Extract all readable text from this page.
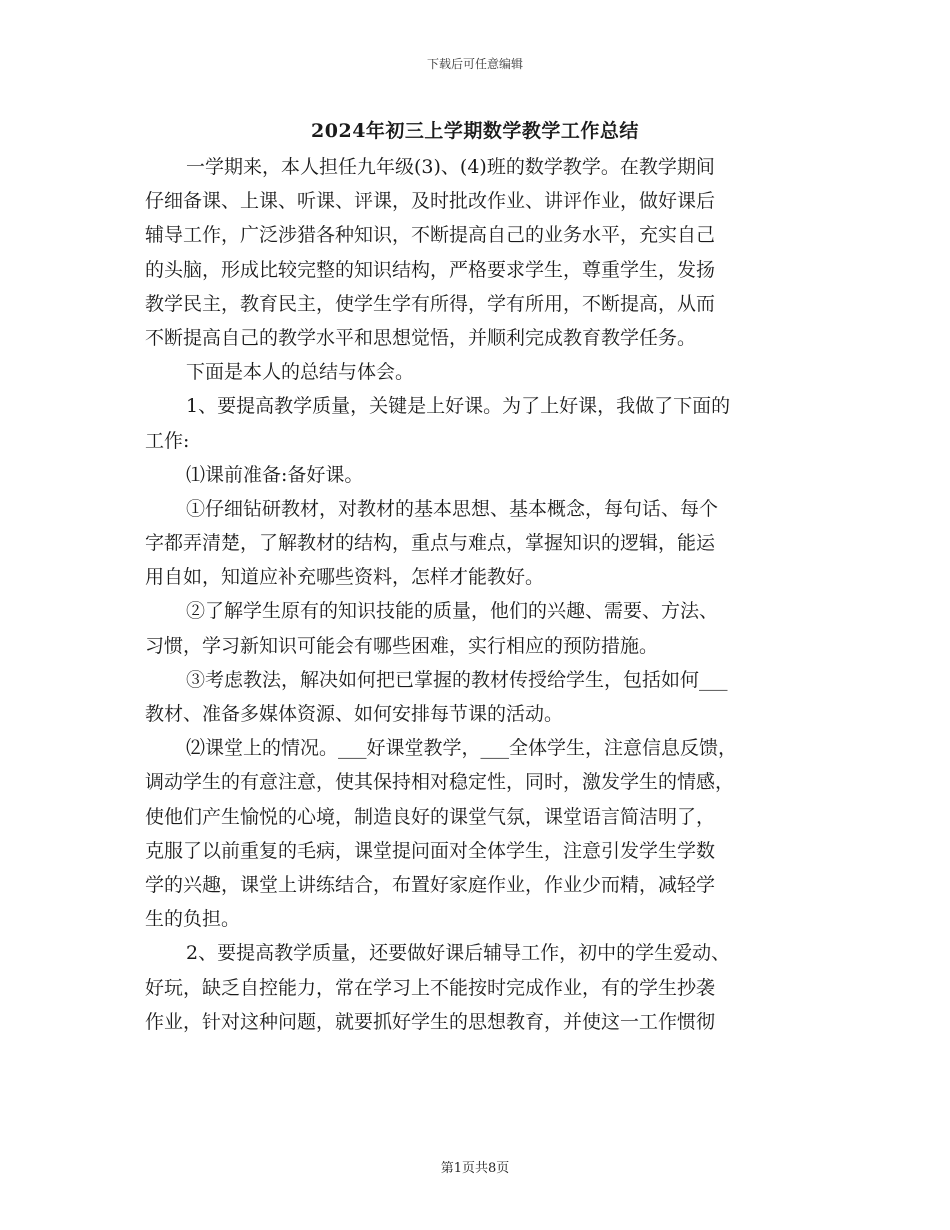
下载后可任意编辑
2024年初三上学期数学教学工作总结
一学期来，本人担任九年级(3)、(4)班的数学教学。在教学期间
仔细备课、上课、听课、评课，及时批改作业、讲评作业，做好课后
辅导工作，广泛涉猎各种知识，不断提高自己的业务水平，充实自己
的头脑，形成比较完整的知识结构，严格要求学生，尊重学生，发扬
教学民主，教育民主，使学生学有所得，学有所用，不断提高，从而
不断提高自己的教学水平和思想觉悟，并顺利完成教育教学任务。
下面是本人的总结与体会。
1、要提高教学质量，关键是上好课。为了上好课，我做了下面的
工作:
⑴课前准备:备好课。
①仔细钻研教材，对教材的基本思想、基本概念，每句话、每个
字都弄清楚，了解教材的结构，重点与难点，掌握知识的逻辑，能运
用自如，知道应补充哪些资料，怎样才能教好。
②了解学生原有的知识技能的质量，他们的兴趣、需要、方法、
习惯，学习新知识可能会有哪些困难，实行相应的预防措施。
③考虑教法，解决如何把已掌握的教材传授给学生，包括如何___
教材、准备多媒体资源、如何安排每节课的活动。
⑵课堂上的情况。___好课堂教学，___全体学生，注意信息反馈，
调动学生的有意注意，使其保持相对稳定性，同时，激发学生的情感，
使他们产生愉悦的心境，制造良好的课堂气氛，课堂语言简洁明了，
克服了以前重复的毛病，课堂提问面对全体学生，注意引发学生学数
学的兴趣，课堂上讲练结合，布置好家庭作业，作业少而精，减轻学
生的负担。
2、要提高教学质量，还要做好课后辅导工作，初中的学生爱动、
好玩，缺乏自控能力，常在学习上不能按时完成作业，有的学生抄袭
作业，针对这种问题，就要抓好学生的思想教育，并使这一工作惯彻
第1页共8页
